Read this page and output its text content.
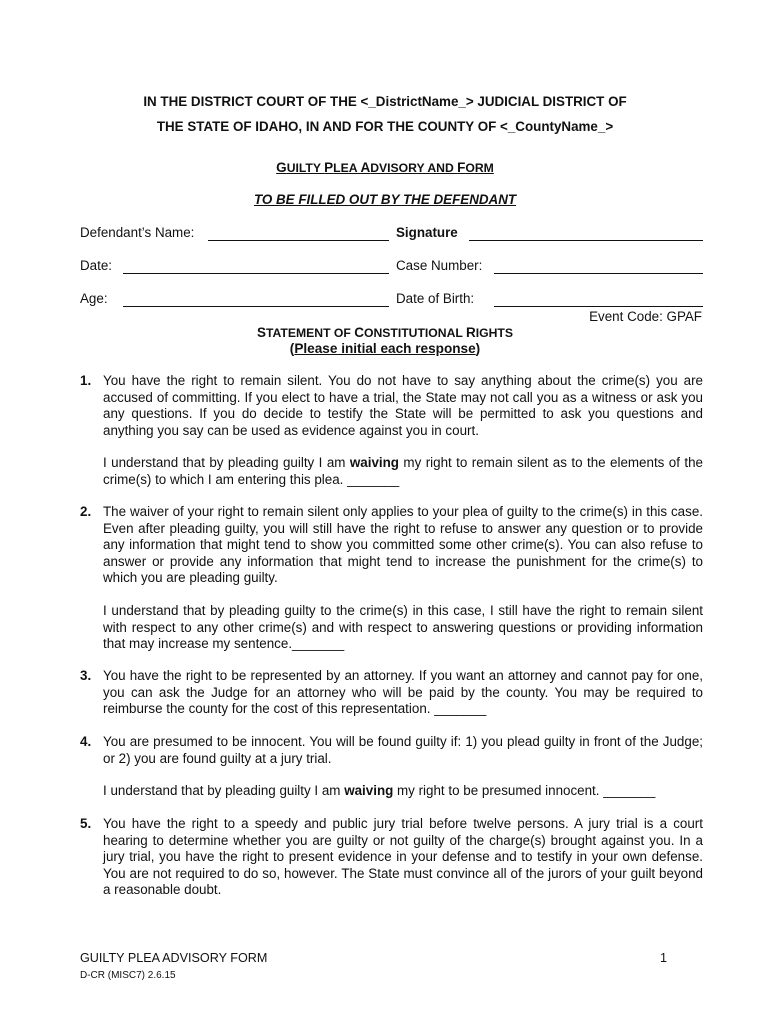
IN THE DISTRICT COURT OF THE <_DistrictName_> JUDICIAL DISTRICT OF
THE STATE OF IDAHO, IN AND FOR THE COUNTY OF <_CountyName_>
GUILTY PLEA ADVISORY AND FORM
TO BE FILLED OUT BY THE DEFENDANT
Defendant’s Name:	Signature
Date:	Case Number:
Age:	Date of Birth:
Event Code: GPAF
STATEMENT OF CONSTITUTIONAL RIGHTS
(Please initial each response)
1. You have the right to remain silent. You do not have to say anything about the crime(s) you are accused of committing. If you elect to have a trial, the State may not call you as a witness or ask you any questions. If you do decide to testify the State will be permitted to ask you questions and anything you say can be used as evidence against you in court.
I understand that by pleading guilty I am waiving my right to remain silent as to the elements of the crime(s) to which I am entering this plea. _______
2. The waiver of your right to remain silent only applies to your plea of guilty to the crime(s) in this case. Even after pleading guilty, you will still have the right to refuse to answer any question or to provide any information that might tend to show you committed some other crime(s). You can also refuse to answer or provide any information that might tend to increase the punishment for the crime(s) to which you are pleading guilty.
I understand that by pleading guilty to the crime(s) in this case, I still have the right to remain silent with respect to any other crime(s) and with respect to answering questions or providing information that may increase my sentence._______
3. You have the right to be represented by an attorney. If you want an attorney and cannot pay for one, you can ask the Judge for an attorney who will be paid by the county. You may be required to reimburse the county for the cost of this representation. _______
4. You are presumed to be innocent. You will be found guilty if: 1) you plead guilty in front of the Judge; or 2) you are found guilty at a jury trial.
I understand that by pleading guilty I am waiving my right to be presumed innocent. _______
5. You have the right to a speedy and public jury trial before twelve persons. A jury trial is a court hearing to determine whether you are guilty or not guilty of the charge(s) brought against you. In a jury trial, you have the right to present evidence in your defense and to testify in your own defense. You are not required to do so, however. The State must convince all of the jurors of your guilt beyond a reasonable doubt.
GUILTY PLEA ADVISORY FORM
D-CR (MISC7) 2.6.15
1
